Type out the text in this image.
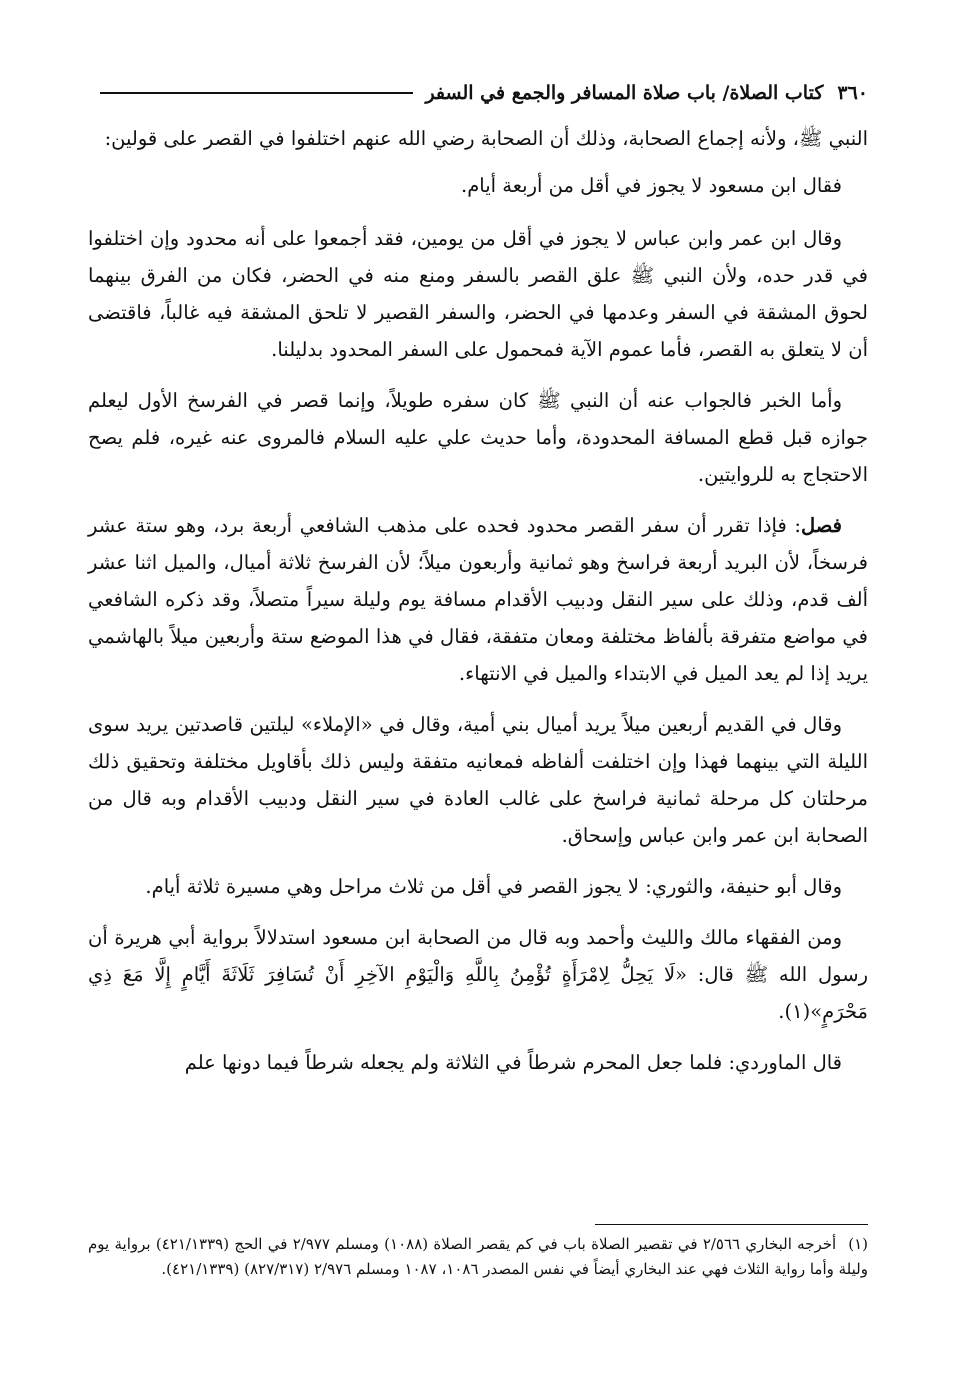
٣٦٠
كتاب الصلاة/ باب صلاة المسافر والجمع في السفر

النبي ﷺ، ولأنه إجماع الصحابة، وذلك أن الصحابة رضي الله عنهم اختلفوا في القصر على قولين:

فقال ابن مسعود لا يجوز في أقل من أربعة أيام.

وقال ابن عمر وابن عباس لا يجوز في أقل من يومين، فقد أجمعوا على أنه محدود وإن اختلفوا في قدر حده، ولأن النبي ﷺ علق القصر بالسفر ومنع منه في الحضر، فكان من الفرق بينهما لحوق المشقة في السفر وعدمها في الحضر، والسفر القصير لا تلحق المشقة فيه غالباً، فاقتضى أن لا يتعلق به القصر، فأما عموم الآية فمحمول على السفر المحدود بدليلنا.

وأما الخبر فالجواب عنه أن النبي ﷺ كان سفره طويلاً، وإنما قصر في الفرسخ الأول ليعلم جوازه قبل قطع المسافة المحدودة، وأما حديث علي عليه السلام فالمروى عنه غيره، فلم يصح الاحتجاج به للروايتين.

فصل: فإذا تقرر أن سفر القصر محدود فحده على مذهب الشافعي أربعة برد، وهو ستة عشر فرسخاً، لأن البريد أربعة فراسخ وهو ثمانية وأربعون ميلاً؛ لأن الفرسخ ثلاثة أميال، والميل اثنا عشر ألف قدم، وذلك على سير النقل ودبيب الأقدام مسافة يوم وليلة سيراً متصلاً، وقد ذكره الشافعي في مواضع متفرقة بألفاظ مختلفة ومعان متفقة، فقال في هذا الموضع ستة وأربعين ميلاً بالهاشمي يريد إذا لم يعد الميل في الابتداء والميل في الانتهاء.

وقال في القديم أربعين ميلاً يريد أميال بني أمية، وقال في «الإملاء» ليلتين قاصدتين يريد سوى الليلة التي بينهما فهذا وإن اختلفت ألفاظه فمعانيه متفقة وليس ذلك بأقاويل مختلفة وتحقيق ذلك مرحلتان كل مرحلة ثمانية فراسخ على غالب العادة في سير النقل ودبيب الأقدام وبه قال من الصحابة ابن عمر وابن عباس وإسحاق.

وقال أبو حنيفة، والثوري: لا يجوز القصر في أقل من ثلاث مراحل وهي مسيرة ثلاثة أيام.

ومن الفقهاء مالك والليث وأحمد وبه قال من الصحابة ابن مسعود استدلالاً برواية أبي هريرة أن رسول الله ﷺ قال: «لَا يَحِلُّ لِامْرَأَةٍ تُؤْمِنُ بِاللَّهِ وَالْيَوْمِ الآخِرِ أَنْ تُسَافِرَ ثَلَاثَةَ أَيَّامٍ إِلَّا مَعَ ذِي مَحْرَمٍ»(١).

قال الماوردي: فلما جعل المحرم شرطاً في الثلاثة ولم يجعله شرطاً فيما دونها علم

(١)أخرجه البخاري ٢/٥٦٦ في تقصير الصلاة باب في كم يقصر الصلاة (١٠٨٨) ومسلم ٢/٩٧٧ في الحج (٤٢١/١٣٣٩) برواية يوم وليلة وأما رواية الثلاث فهي عند البخاري أيضاً في نفس المصدر ١٠٨٦، ١٠٨٧ ومسلم ٢/٩٧٦ (٨٢٧/٣١٧) (٤٢١/١٣٣٩).
